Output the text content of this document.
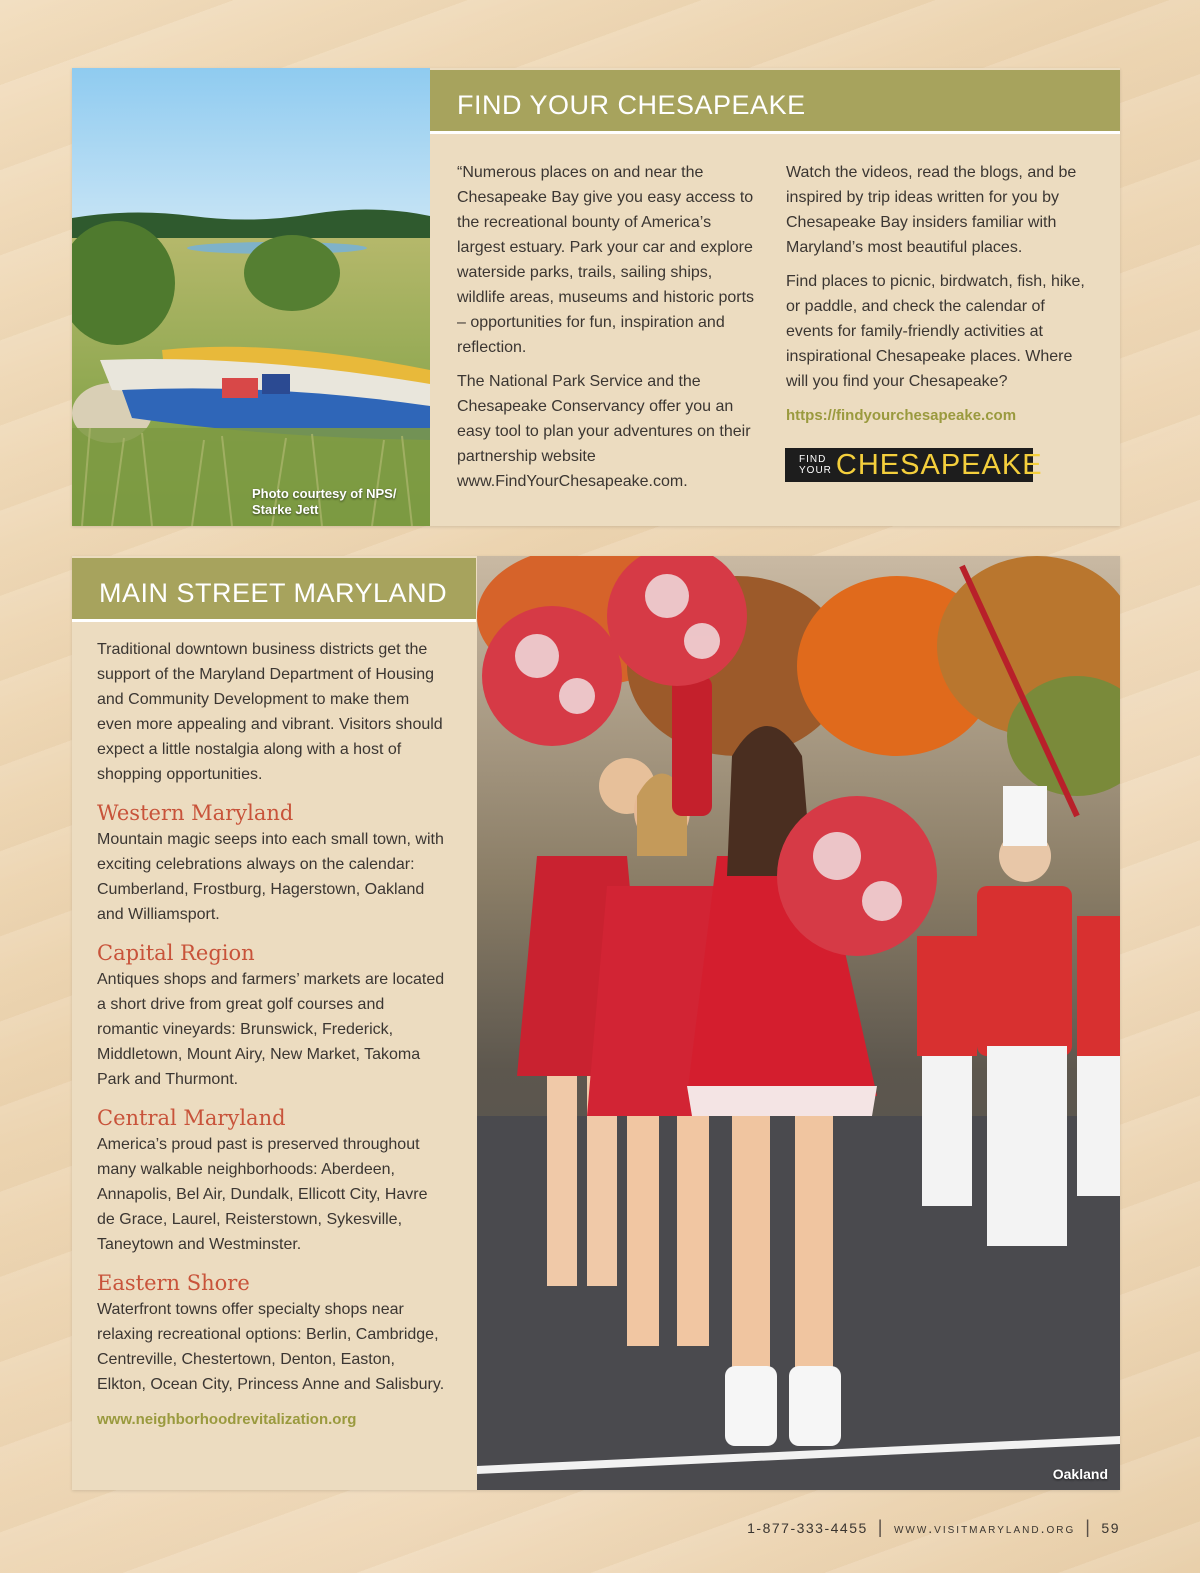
Photo courtesy of NPS/ Starke Jett
FIND YOUR CHESAPEAKE

“Numerous places on and near the Chesapeake Bay give you easy access to the recreational bounty of America’s largest estuary. Park your car and explore waterside parks, trails, sailing ships, wildlife areas, museums and historic ports – opportunities for fun, inspiration and reflection.

The National Park Service and the Chesapeake Conservancy offer you an easy tool to plan your adventures on their partnership website www.FindYourChesapeake.com.

Watch the videos, read the blogs, and be inspired by trip ideas written for you by Chesapeake Bay insiders familiar with Maryland’s most beautiful places.

Find places to picnic, birdwatch, fish, hike, or paddle, and check the calendar of events for family-friendly activities at inspirational Chesapeake places. Where will you find your Chesapeake?

https://findyourchesapeake.com

FIND
YOUR CHESAPEAKE
MAIN STREET MARYLAND

Traditional downtown business districts get the support of the Maryland Department of Housing and Community Development to make them even more appealing and vibrant. Visitors should expect a little nostalgia along with a host of shopping opportunities.

Western Maryland

Mountain magic seeps into each small town, with exciting celebrations always on the calendar: Cumberland, Frostburg, Hagerstown, Oakland and Williamsport.

Capital Region

Antiques shops and farmers’ markets are located a short drive from great golf courses and romantic vineyards: Brunswick, Frederick, Middletown, Mount Airy, New Market, Takoma Park and Thurmont.

Central Maryland

America’s proud past is preserved throughout many walkable neighborhoods: Aberdeen, Annapolis, Bel Air, Dundalk, Ellicott City, Havre de Grace, Laurel, Reisterstown, Sykesville, Taneytown and Westminster.

Eastern Shore

Waterfront towns offer specialty shops near relaxing recreational options: Berlin, Cambridge, Centreville, Chestertown, Denton, Easton, Elkton, Ocean City, Princess Anne and Salisbury.

www.neighborhoodrevitalization.org

Oakland
1-877-333-4455 | www.visitmaryland.org | 59
